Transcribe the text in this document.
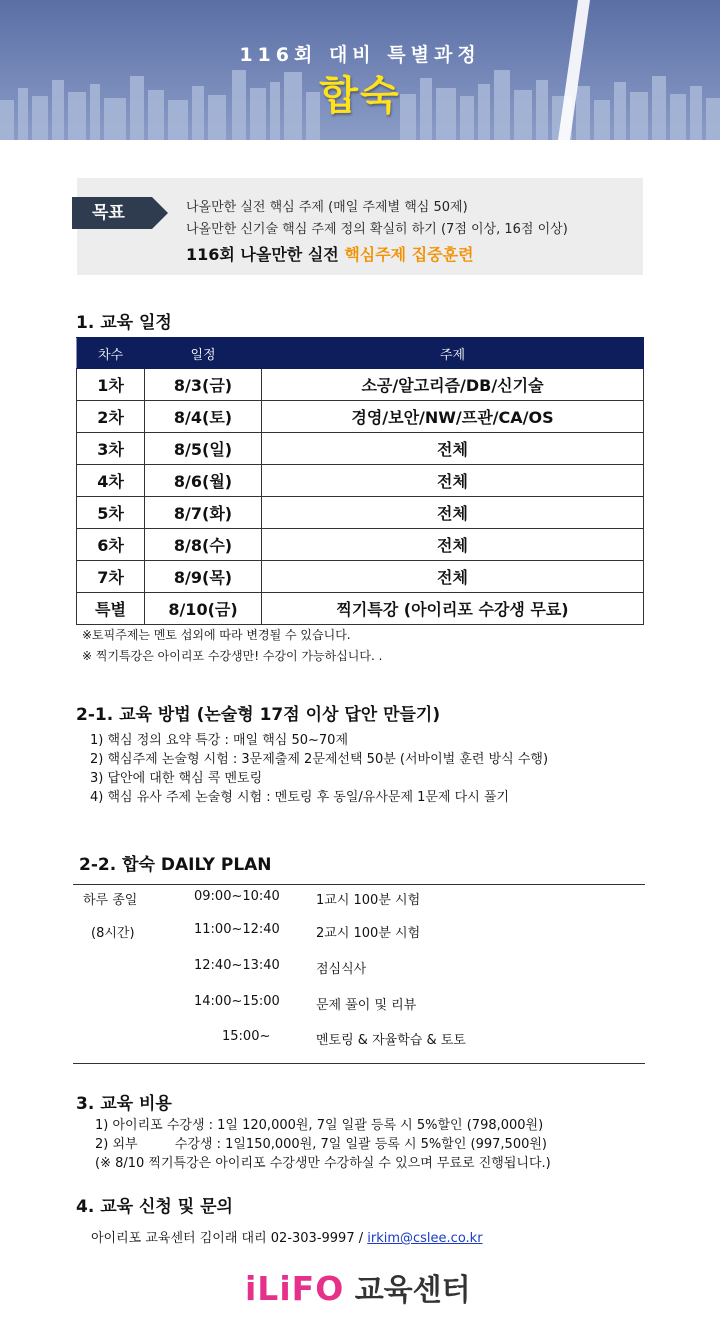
116회 대비 특별과정
합숙
목표	나올만한 실전 핵심 주제 (매일 주제별 핵심 50제)
나올만한 신기술 핵심 주제 정의 확실히 하기 (7점 이상, 16점 이상)
116회 나올만한 실전 핵심주제 집중훈련
1. 교육 일정
차수	일정	주제
1차	8/3(금)	소공/알고리즘/DB/신기술
2차	8/4(토)	경영/보안/NW/프관/CA/OS
3차	8/5(일)	전체
4차	8/6(월)	전체
5차	8/7(화)	전체
6차	8/8(수)	전체
7차	8/9(목)	전체
특별	8/10(금)	찍기특강 (아이리포 수강생 무료)
※토픽주제는 멘토 섭외에 따라 변경될 수 있습니다.
※ 찍기특강은 아이리포 수강생만! 수강이 가능하십니다. .
2-1. 교육 방법 (논술형 17점 이상 답안 만들기)
1) 핵심 정의 요약 특강 : 매일 핵심 50~70제
2) 핵심주제 논술형 시험 : 3문제출제 2문제선택 50분 (서바이벌 훈련 방식 수행)
3) 답안에 대한 핵심 콕 멘토링
4) 핵심 유사 주제 논술형 시험 : 멘토링 후 동일/유사문제 1문제 다시 풀기
2-2. 합숙 DAILY PLAN
하루 종일
(8시간)
09:00~10:40	1교시 100분 시험
11:00~12:40	2교시 100분 시험
12:40~13:40	점심식사
14:00~15:00	문제 풀이 및 리뷰
15:00~	멘토링 & 자율학습 & 토토
3. 교육 비용
1) 아이리포 수강생 : 1일 120,000원, 7일 일괄 등록 시 5%할인 (798,000원)
2) 외부         수강생 : 1일150,000원, 7일 일괄 등록 시 5%할인 (997,500원)
(※ 8/10 찍기특강은 아이리포 수강생만 수강하실 수 있으며 무료로 진행됩니다.)
4. 교육 신청 및 문의
아이리포 교육센터 김이래 대리 02-303-9997 / irkim@cslee.co.kr
iLiFO 교육센터
